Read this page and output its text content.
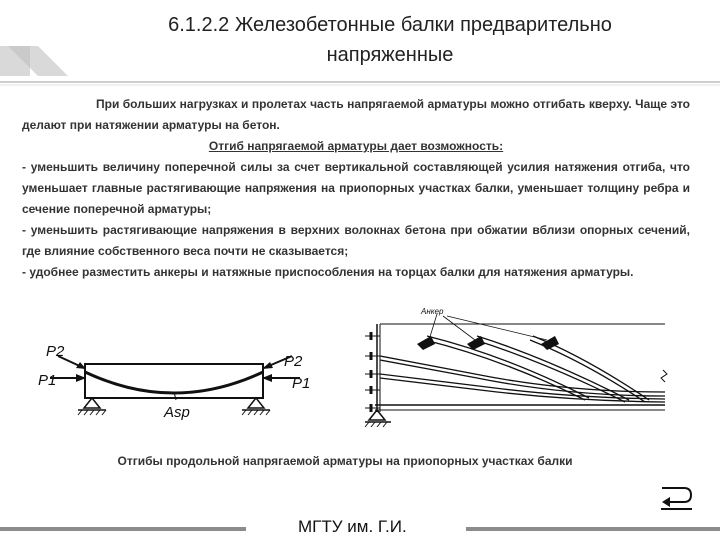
6.1.2.2 Железобетонные балки предварительно
напряженные

При больших нагрузках и пролетах часть напрягаемой арматуры можно отгибать кверху. Чаще это делают при натяжении арматуры на бетон.

Отгиб напрягаемой арматуры дает возможность:

- уменьшить величину поперечной силы за счет вертикальной составляющей усилия натяжения отгиба, что уменьшает главные растягивающие напряжения на приопорных участках балки, уменьшает толщину ребра и сечение поперечной арматуры;

- уменьшить растягивающие напряжения в верхних волокнах бетона при обжатии вблизи опорных сечений, где влияние собственного веса почти не сказывается;

- удобнее разместить анкеры и натяжные приспособления на торцах балки для натяжения арматуры.

P2
P1
P2
P1
Asp
Анкер
Отгибы продольной напрягаемой арматуры на приопорных участках балки
МГТУ им. Г.И.
